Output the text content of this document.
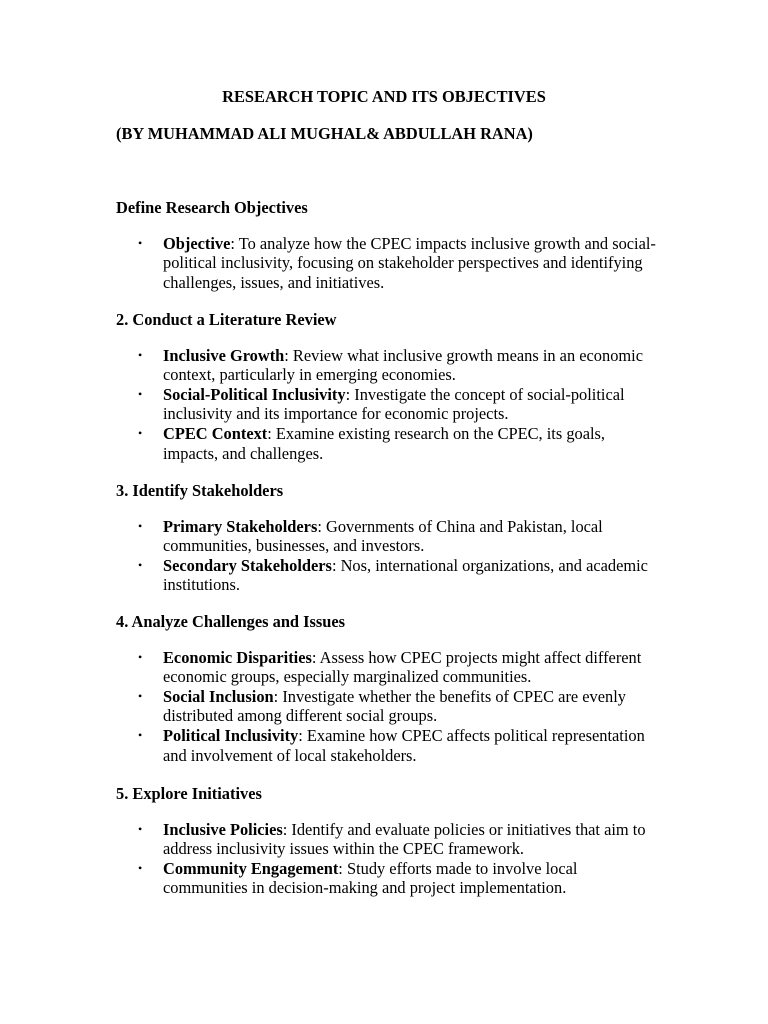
RESEARCH TOPIC AND ITS OBJECTIVES

(BY MUHAMMAD ALI MUGHAL& ABDULLAH RANA)

Define Research Objectives
• Objective: To analyze how the CPEC impacts inclusive growth and social-political inclusivity, focusing on stakeholder perspectives and identifying challenges, issues, and initiatives.
2. Conduct a Literature Review
• Inclusive Growth: Review what inclusive growth means in an economic context, particularly in emerging economies.
• Social-Political Inclusivity: Investigate the concept of social-political inclusivity and its importance for economic projects.
• CPEC Context: Examine existing research on the CPEC, its goals, impacts, and challenges.
3. Identify Stakeholders
• Primary Stakeholders: Governments of China and Pakistan, local communities, businesses, and investors.
• Secondary Stakeholders: Nos, international organizations, and academic institutions.
4. Analyze Challenges and Issues
• Economic Disparities: Assess how CPEC projects might affect different economic groups, especially marginalized communities.
• Social Inclusion: Investigate whether the benefits of CPEC are evenly distributed among different social groups.
• Political Inclusivity: Examine how CPEC affects political representation and involvement of local stakeholders.
5. Explore Initiatives
• Inclusive Policies: Identify and evaluate policies or initiatives that aim to address inclusivity issues within the CPEC framework.
• Community Engagement: Study efforts made to involve local communities in decision-making and project implementation.
